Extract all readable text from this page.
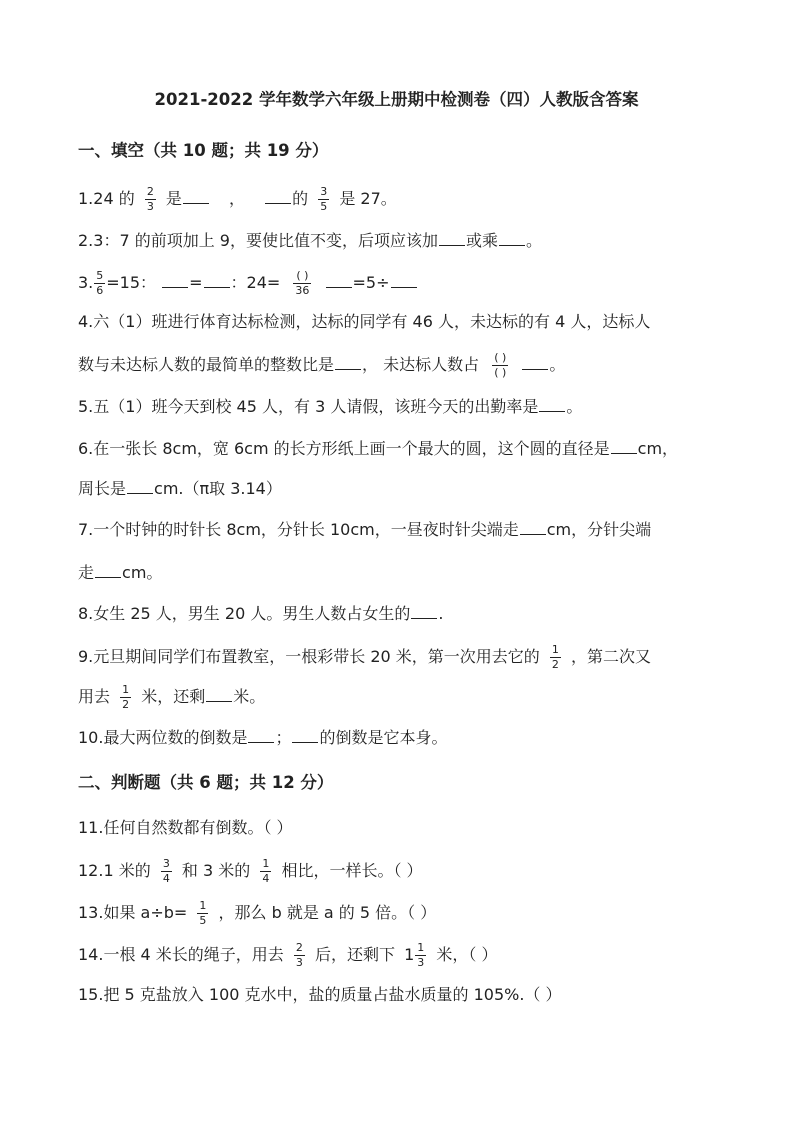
2021-2022 学年数学六年级上册期中检测卷（四）人教版含答案
一、填空（共 10 题；共 19 分）
1.24 的 $\frac{2}{3}$ 是	，	的 $\frac{3}{5}$ 是 27。
2.3：7 的前项加上 9，要使比值不变，后项应该加 或乘 。
3. $\frac{5}{6} =15$： = ：$24= \frac{( )}{36}$	=5÷
4.六（1）班进行体育达标检测，达标的同学有 46 人，未达标的有 4 人，达标人
数与未达标人数的最简单的整数比是 ， 未达标人数占 $\frac{( )}{( )}$	。
5.五（1）班今天到校 45 人，有 3 人请假，该班今天的出勤率是 。
6.在一张长 8cm，宽 6cm 的长方形纸上画一个最大的圆，这个圆的直径是 cm，
周长是 cm.（π取 3.14）
7.一个时钟的时针长 8cm，分针长 10cm，一昼夜时针尖端走 cm，分针尖端
走 cm。
8.女生 25 人，男生 20 人。男生人数占女生的 .
9.元旦期间同学们布置教室，一根彩带长 20 米，第一次用去它的 $\frac{1}{2}$ ，第二次又
用去 $\frac{1}{2}$ 米，还剩 米。
10.最大两位数的倒数是 ； 的倒数是它本身。
二、判断题（共 6 题；共 12 分）
11.任何自然数都有倒数。（ ）
12.1 米的 $\frac{3}{4}$ 和 3 米的 $\frac{1}{4}$ 相比，一样长。（ ）
13.如果 $a\div b= \frac{1}{5}$ ，那么 b 就是 a 的 5 倍。（ ）
14.一根 4 米长的绳子，用去 $\frac{2}{3}$ 后，还剩下 $1 \frac{1}{3}$ 米，（ ）
15.把 5 克盐放入 100 克水中，盐的质量占盐水质量的 105%.（ ）
